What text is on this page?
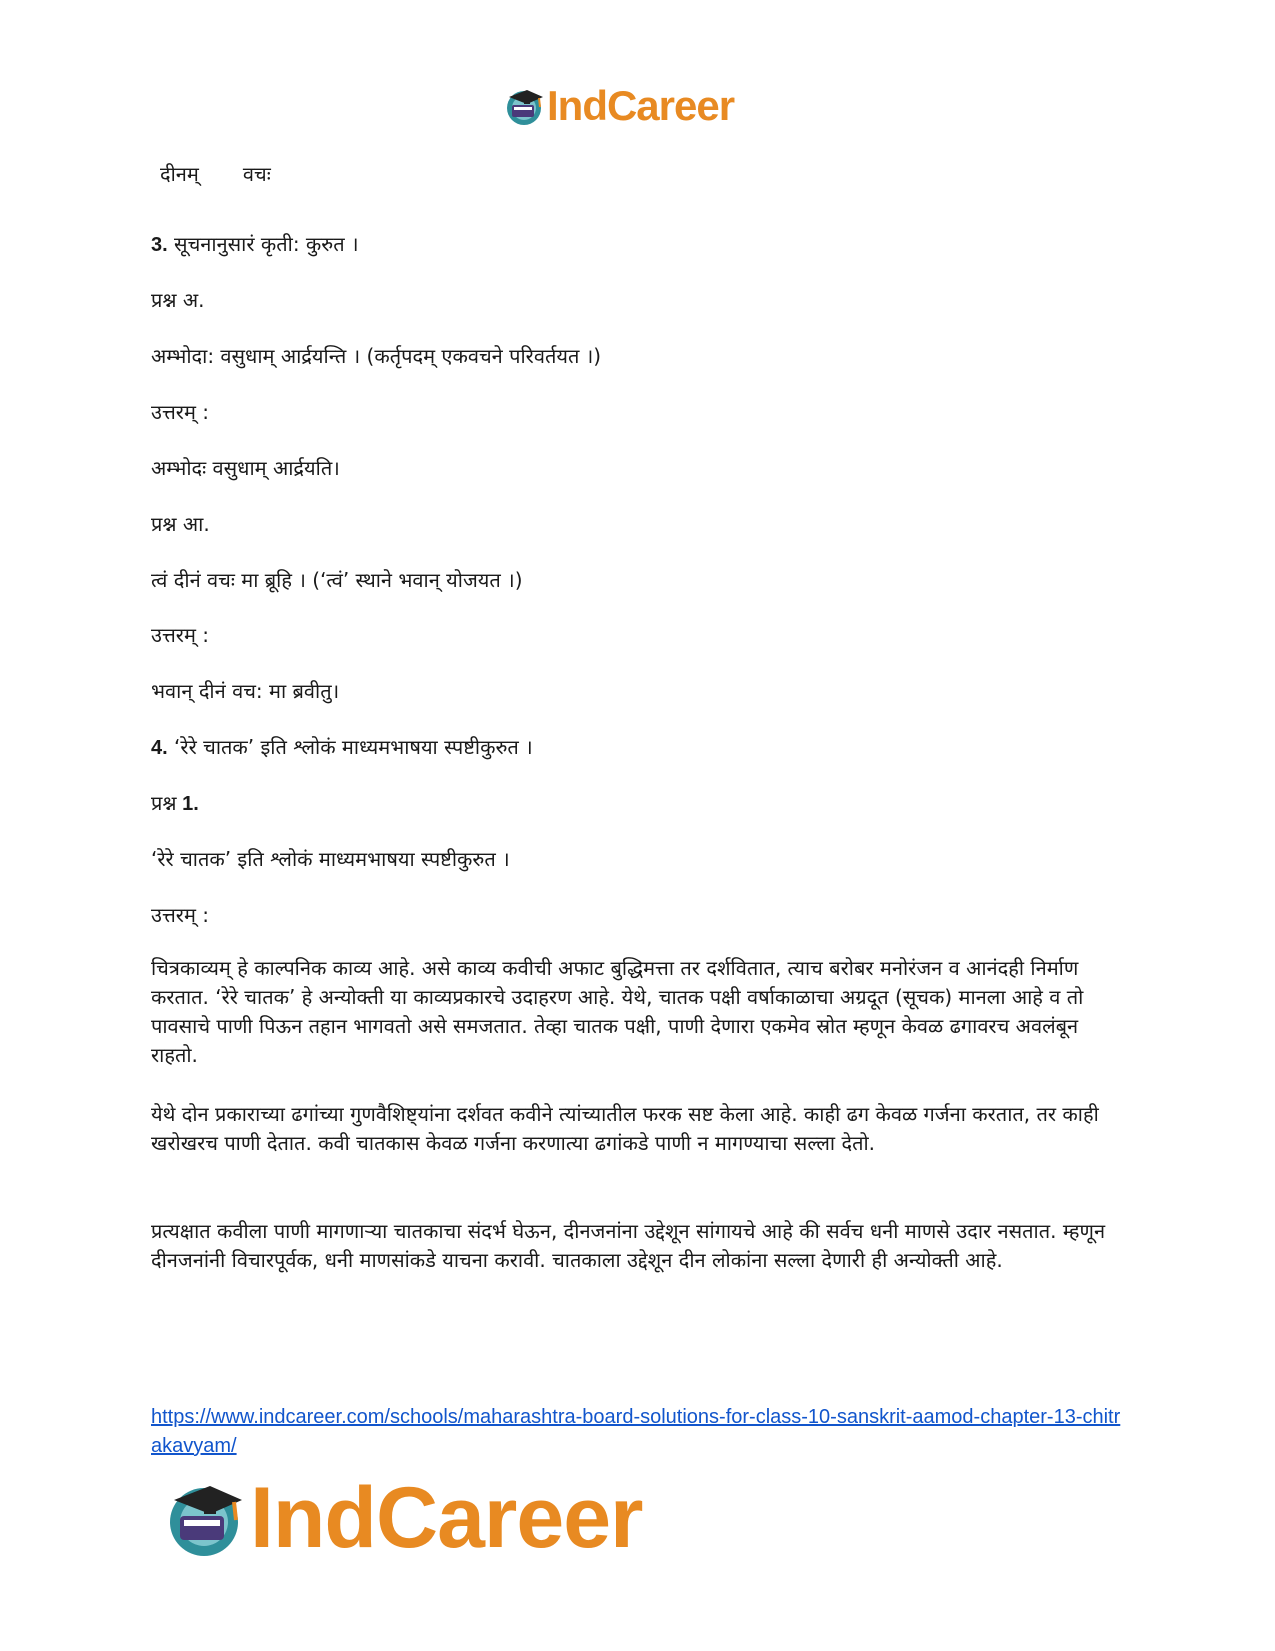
IndCareer
दीनम् वचः

3. सूचनानुसारं कृती: कुरुत ।

प्रश्न अ.

अम्भोदा: वसुधाम् आर्द्रयन्ति । (कर्तृपदम् एकवचने परिवर्तयत ।)

उत्तरम् :

अम्भोदः वसुधाम् आर्द्रयति।

प्रश्न आ.

त्वं दीनं वचः मा ब्रूहि । (‘त्वं’ स्थाने भवान् योजयत ।)

उत्तरम् :

भवान् दीनं वच: मा ब्रवीतु।

4. ‘रेरे चातक’ इति श्लोकं माध्यमभाषया स्पष्टीकुरुत ।

प्रश्न 1.

‘रेरे चातक’ इति श्लोकं माध्यमभाषया स्पष्टीकुरुत ।

उत्तरम् :

चित्रकाव्यम् हे काल्पनिक काव्य आहे. असे काव्य कवीची अफाट बुद्धिमत्ता तर दर्शवितात, त्याच बरोबर मनोरंजन व आनंदही निर्माण करतात. ‘रेरे चातक’ हे अन्योक्ती या काव्यप्रकारचे उदाहरण आहे. येथे, चातक पक्षी वर्षाकाळाचा अग्रदूत (सूचक) मानला आहे व तो पावसाचे पाणी पिऊन तहान भागवतो असे समजतात. तेव्हा चातक पक्षी, पाणी देणारा एकमेव स्रोत म्हणून केवळ ढगावरच अवलंबून राहतो.

येथे दोन प्रकाराच्या ढगांच्या गुणवैशिष्ट्यांना दर्शवत कवीने त्यांच्यातील फरक सष्ट केला आहे. काही ढग केवळ गर्जना करतात, तर काही खरोखरच पाणी देतात. कवी चातकास केवळ गर्जना करणात्या ढगांकडे पाणी न मागण्याचा सल्ला देतो.

प्रत्यक्षात कवीला पाणी मागणाऱ्या चातकाचा संदर्भ घेऊन, दीनजनांना उद्देशून सांगायचे आहे की सर्वच धनी माणसे उदार नसतात. म्हणून दीनजनांनी विचारपूर्वक, धनी माणसांकडे याचना करावी. चातकाला उद्देशून दीन लोकांना सल्ला देणारी ही अन्योक्ती आहे.

https://www.indcareer.com/schools/maharashtra-board-solutions-for-class-10-sanskrit-aamod-chapter-13-chitrakavyam/
IndCareer
